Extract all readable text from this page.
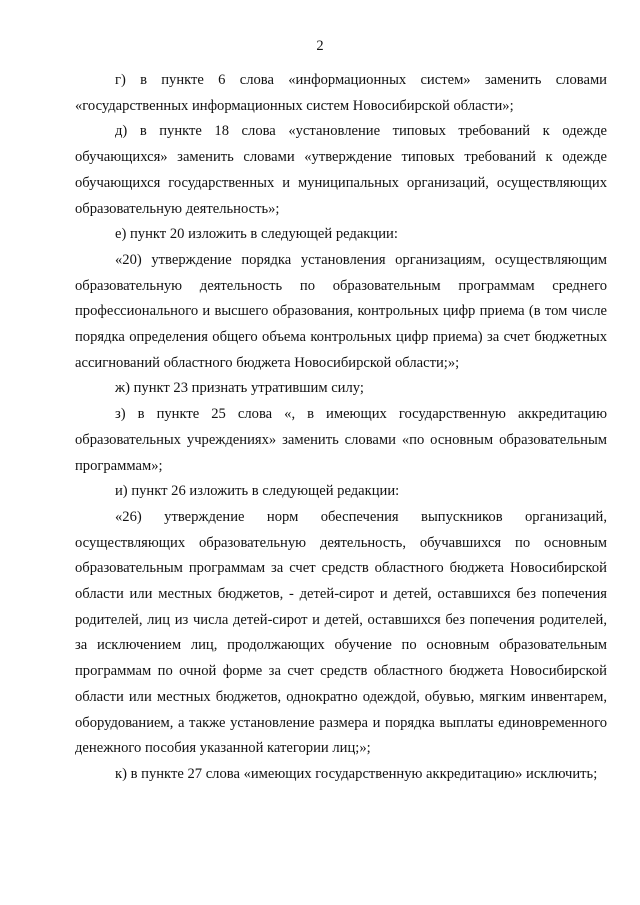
2

г) в пункте 6 слова «информационных систем» заменить словами «государственных информационных систем Новосибирской области»;

д) в пункте 18 слова «установление типовых требований к одежде обучающихся» заменить словами «утверждение типовых требований к одежде обучающихся государственных и муниципальных организаций, осуществляющих образовательную деятельность»;

е) пункт 20 изложить в следующей редакции:

«20) утверждение порядка установления организациям, осуществляющим образовательную деятельность по образовательным программам среднего профессионального и высшего образования, контрольных цифр приема (в том числе порядка определения общего объема контрольных цифр приема) за счет бюджетных ассигнований областного бюджета Новосибирской области;»;

ж) пункт 23 признать утратившим силу;

з) в пункте 25 слова «, в имеющих государственную аккредитацию образовательных учреждениях» заменить словами «по основным образовательным программам»;

и) пункт 26 изложить в следующей редакции:

«26) утверждение норм обеспечения выпускников организаций, осуществляющих образовательную деятельность, обучавшихся по основным образовательным программам за счет средств областного бюджета Новосибирской области или местных бюджетов, - детей-сирот и детей, оставшихся без попечения родителей, лиц из числа детей-сирот и детей, оставшихся без попечения родителей, за исключением лиц, продолжающих обучение по основным образовательным программам по очной форме за счет средств областного бюджета Новосибирской области или местных бюджетов, однократно одеждой, обувью, мягким инвентарем, оборудованием, а также установление размера и порядка выплаты единовременного денежного пособия указанной категории лиц;»;

к) в пункте 27 слова «имеющих государственную аккредитацию» исключить;
